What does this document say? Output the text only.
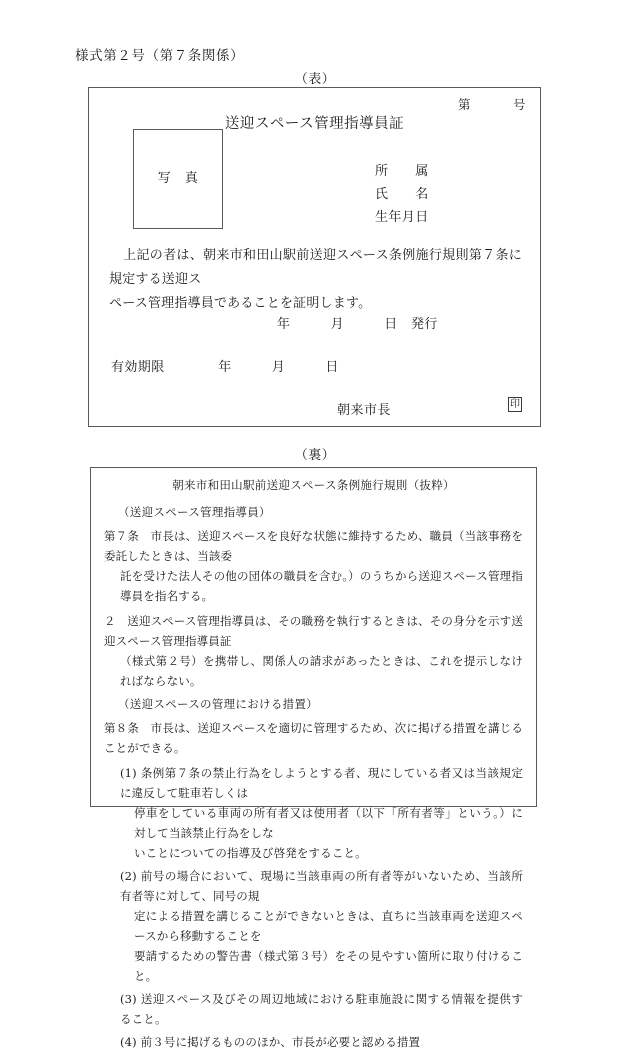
様式第２号（第７条関係）
（表）
第	号
送迎スペース管理指導員証
写　真	所　　属
氏　　名
生年月日

上記の者は、朝来市和田山駅前送迎スペース条例施行規則第７条に規定する送迎ス

ペース管理指導員であることを証明します。

年　　　月　　　日　発行
有効期限　　　　年　　　月　　　日
朝来市長	印
（裏）

朝来市和田山駅前送迎スペース条例施行規則（抜粋）

（送迎スペース管理指導員）

第７条　市長は、送迎スペースを良好な状態に維持するため、職員（当該事務を委託したときは、当該委
託を受けた法人その他の団体の職員を含む。）のうちから送迎スペース管理指導員を指名する。

２　送迎スペース管理指導員は、その職務を執行するときは、その身分を示す送迎スペース管理指導員証
（様式第２号）を携帯し、関係人の請求があったときは、これを提示しなければならない。

（送迎スペースの管理における措置）

第８条　市長は、送迎スペースを適切に管理するため、次に掲げる措置を講じることができる。

(1) 条例第７条の禁止行為をしようとする者、現にしている者又は当該規定に違反して駐車若しくは
停車をしている車両の所有者又は使用者（以下「所有者等」という。）に対して当該禁止行為をしな
いことについての指導及び啓発をすること。
(2) 前号の場合において、現場に当該車両の所有者等がいないため、当該所有者等に対して、同号の規
定による措置を講じることができないときは、直ちに当該車両を送迎スペースから移動することを
要請するための警告書（様式第３号）をその見やすい箇所に取り付けること。
(3) 送迎スペース及びその周辺地域における駐車施設に関する情報を提供すること。
(4) 前３号に掲げるもののほか、市長が必要と認める措置
